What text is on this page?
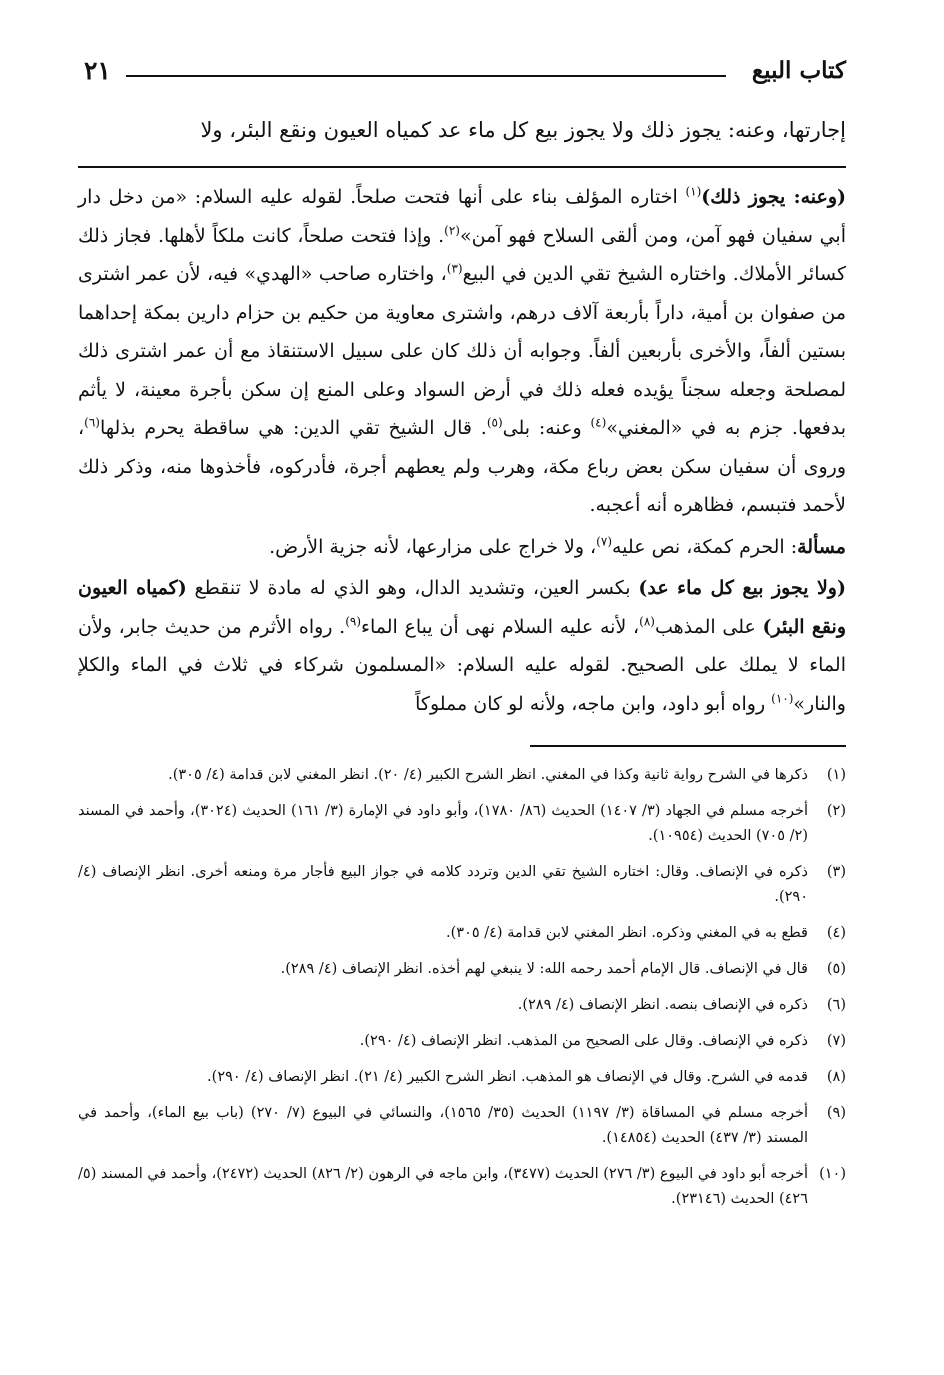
كتاب البيع
٢١
إجارتها، وعنه: يجوز ذلك ولا يجوز بيع كل ماء عد كمياه العيون ونقع البئر، ولا

(وعنه: يجوز ذلك)$^{(١)}$ اختاره المؤلف بناء على أنها فتحت صلحاً. لقوله عليه السلام: «من دخل دار أبي سفيان فهو آمن، ومن ألقى السلاح فهو آمن»$^{(٢)}$. وإذا فتحت صلحاً، كانت ملكاً لأهلها. فجاز ذلك كسائر الأملاك. واختاره الشيخ تقي الدين في البيع$^{(٣)}$، واختاره صاحب «الهدي» فيه، لأن عمر اشترى من صفوان بن أمية، داراً بأربعة آلاف درهم، واشترى معاوية من حكيم بن حزام دارين بمكة إحداهما بستين ألفاً، والأخرى بأربعين ألفاً. وجوابه أن ذلك كان على سبيل الاستنقاذ مع أن عمر اشترى ذلك لمصلحة وجعله سجناً يؤيده فعله ذلك في أرض السواد وعلى المنع إن سكن بأجرة معينة، لا يأثم بدفعها. جزم به في «المغني»$^{(٤)}$ وعنه: بلى$^{(٥)}$. قال الشيخ تقي الدين: هي ساقطة يحرم بذلها$^{(٦)}$، وروى أن سفيان سكن بعض رباع مكة، وهرب ولم يعطهم أجرة، فأدركوه، فأخذوها منه، وذكر ذلك لأحمد فتبسم، فظاهره أنه أعجبه.

مسألة: الحرم كمكة، نص عليه$^{(٧)}$، ولا خراج على مزارعها، لأنه جزية الأرض.

(ولا يجوز بيع كل ماء عد) بكسر العين، وتشديد الدال، وهو الذي له مادة لا تنقطع (كمياه العيون ونقع البئر) على المذهب$^{(٨)}$، لأنه عليه السلام نهى أن يباع الماء$^{(٩)}$. رواه الأثرم من حديث جابر، ولأن الماء لا يملك على الصحيح. لقوله عليه السلام: «المسلمون شركاء في ثلاث في الماء والكلإ والنار»$^{(١٠)}$ رواه أبو داود، وابن ماجه، ولأنه لو كان مملوكاً

(١)
ذكرها في الشرح رواية ثانية وكذا في المغني. انظر الشرح الكبير (٤/ ٢٠). انظر المغني لابن قدامة (٤/ ٣٠٥).
(٢)
أخرجه مسلم في الجهاد (٣/ ١٤٠٧) الحديث (٨٦/ ١٧٨٠)، وأبو داود في الإمارة (٣/ ١٦١) الحديث (٣٠٢٤)، وأحمد في المسند (٢/ ٧٠٥) الحديث (١٠٩٥٤).
(٣)
ذكره في الإنصاف. وقال: اختاره الشيخ تقي الدين وتردد كلامه في جواز البيع فأجار مرة ومنعه أخرى. انظر الإنصاف (٤/ ٢٩٠).
(٤)
قطع به في المغني وذكره. انظر المغني لابن قدامة (٤/ ٣٠٥).
(٥)
قال في الإنصاف. قال الإمام أحمد رحمه الله: لا ينبغي لهم أخذه. انظر الإنصاف (٤/ ٢٨٩).
(٦)
ذكره في الإنصاف بنصه. انظر الإنصاف (٤/ ٢٨٩).
(٧)
ذكره في الإنصاف. وقال على الصحيح من المذهب. انظر الإنصاف (٤/ ٢٩٠).
(٨)
قدمه في الشرح. وقال في الإنصاف هو المذهب. انظر الشرح الكبير (٤/ ٢١). انظر الإنصاف (٤/ ٢٩٠).
(٩)
أخرجه مسلم في المساقاة (٣/ ١١٩٧) الحديث (٣٥/ ١٥٦٥)، والنسائي في البيوع (٧/ ٢٧٠) (باب بيع الماء)، وأحمد في المسند (٣/ ٤٣٧) الحديث (١٤٨٥٤).
(١٠)
أخرجه أبو داود في البيوع (٣/ ٢٧٦) الحديث (٣٤٧٧)، وابن ماجه في الرهون (٢/ ٨٢٦) الحديث (٢٤٧٢)، وأحمد في المسند (٥/ ٤٢٦) الحديث (٢٣١٤٦).
